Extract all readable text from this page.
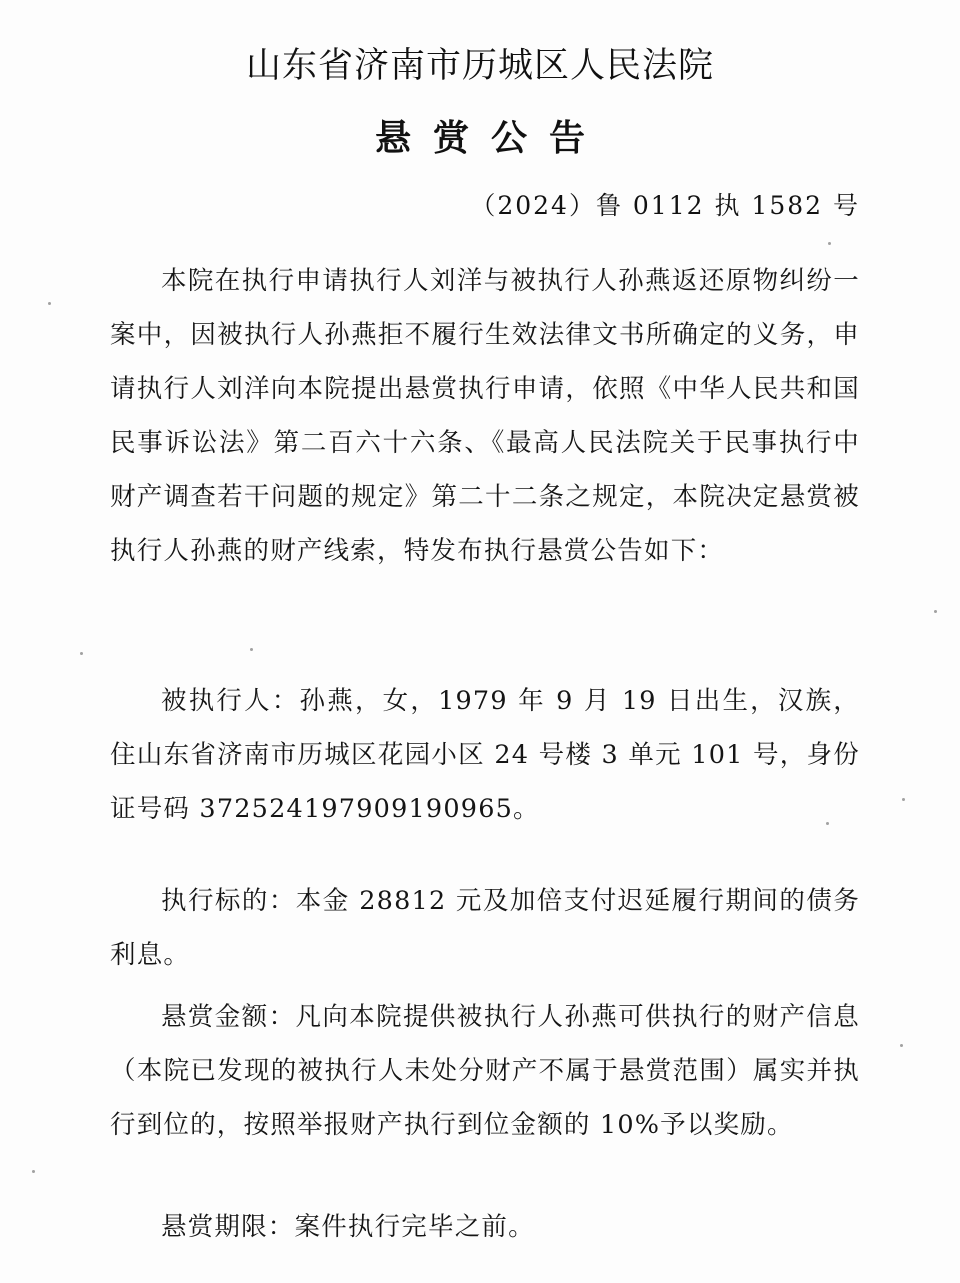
山东省济南市历城区人民法院
悬赏公告
（2024）鲁 0112 执 1582 号

本院在执行申请执行人刘洋与被执行人孙燕返还原物纠纷一案中，因被执行人孙燕拒不履行生效法律文书所确定的义务，申请执行人刘洋向本院提出悬赏执行申请，依照《中华人民共和国民事诉讼法》第二百六十六条、《最高人民法院关于民事执行中财产调查若干问题的规定》第二十二条之规定，本院决定悬赏被执行人孙燕的财产线索，特发布执行悬赏公告如下：

被执行人：孙燕，女，1979 年 9 月 19 日出生，汉族，住山东省济南市历城区花园小区 24 号楼 3 单元 101 号，身份证号码 372524197909190965。

执行标的：本金 28812 元及加倍支付迟延履行期间的债务利息。

悬赏金额：凡向本院提供被执行人孙燕可供执行的财产信息（本院已发现的被执行人未处分财产不属于悬赏范围）属实并执行到位的，按照举报财产执行到位金额的 10%予以奖励。

悬赏期限：案件执行完毕之前。
